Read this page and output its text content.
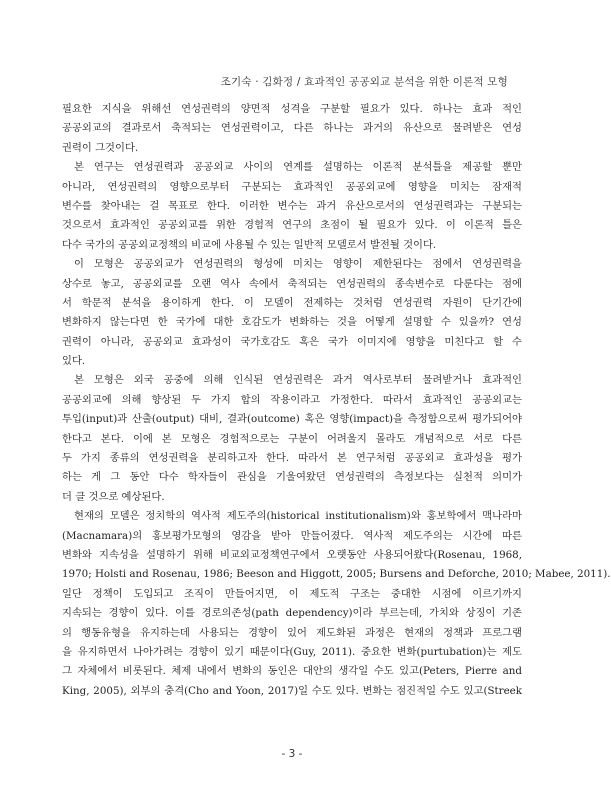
조기숙 · 김화정 / 효과적인 공공외교 분석을 위한 이론적 모형
필요한 지식을 위해선 연성권력의 양면적 성격을 구분할 필요가 있다. 하나는 효과 적인
공공외교의 결과로서 축적되는 연성권력이고, 다른 하나는 과거의 유산으로 물려받은 연성
권력이 그것이다.
본 연구는 연성권력과 공공외교 사이의 연계를 설명하는 이론적 분석틀을 제공할 뿐만
아니라, 연성권력의 영향으로부터 구분되는 효과적인 공공외교에 영향을 미치는 잠재적
변수를 찾아내는 걸 목표로 한다. 이러한 변수는 과거 유산으로서의 연성권력과는 구분되는
것으로서 효과적인 공공외교를 위한 경험적 연구의 초점이 될 필요가 있다. 이 이론적 틀은
다수 국가의 공공외교정책의 비교에 사용될 수 있는 일반적 모델로서 발전될 것이다.
이 모형은 공공외교가 연성권력의 형성에 미치는 영향이 제한된다는 점에서 연성권력을
상수로 놓고, 공공외교를 오랜 역사 속에서 축적되는 연성권력의 종속변수로 다룬다는 점에
서 학문적 분석을 용이하게 한다. 이 모델이 전제하는 것처럼 연성권력 자원이 단기간에
변화하지 않는다면 한 국가에 대한 호감도가 변화하는 것을 어떻게 설명할 수 있을까? 연성
권력이 아니라, 공공외교 효과성이 국가호감도 혹은 국가 이미지에 영향을 미친다고 할 수
있다.
본 모형은 외국 공중에 의해 인식된 연성권력은 과거 역사로부터 물려받거나 효과적인
공공외교에 의해 향상된 두 가지 합의 작용이라고 가정한다. 따라서 효과적인 공공외교는
투입(input)과 산출(output) 대비, 결과(outcome) 혹은 영향(impact)을 측정함으로써 평가되어야
한다고 본다. 이에 본 모형은 경험적으로는 구분이 어려울지 몰라도 개념적으로 서로 다른
두 가지 종류의 연성권력을 분리하고자 한다. 따라서 본 연구처럼 공공외교 효과성을 평가
하는 게 그 동안 다수 학자들이 관심을 기울여왔던 연성권력의 측정보다는 실천적 의미가
더 클 것으로 예상된다.
현재의 모델은 정치학의 역사적 제도주의(historical institutionalism)와 홍보학에서 맥나라마
(Macnamara)의 홍보평가모형의 영감을 받아 만들어졌다. 역사적 제도주의는 시간에 따른
변화와 지속성을 설명하기 위해 비교외교정책연구에서 오랫동안 사용되어왔다(Rosenau, 1968,
1970; Holsti and Rosenau, 1986; Beeson and Higgott, 2005; Bursens and Deforche, 2010; Mabee, 2011).
일단 정책이 도입되고 조직이 만들어지면, 이 제도적 구조는 중대한 시점에 이르기까지
지속되는 경향이 있다. 이를 경로의존성(path dependency)이라 부르는데, 가치와 상징이 기존
의 행동유형을 유지하는데 사용되는 경향이 있어 제도화된 과정은 현재의 정책과 프로그램
을 유지하면서 나아가려는 경향이 있기 때문이다(Guy, 2011). 중요한 변화(purtubation)는 제도
그 자체에서 비롯된다. 체제 내에서 변화의 동인은 대안의 생각일 수도 있고(Peters, Pierre and
King, 2005), 외부의 충격(Cho and Yoon, 2017)일 수도 있다. 변화는 점진적일 수도 있고(Streek
- 3 -
